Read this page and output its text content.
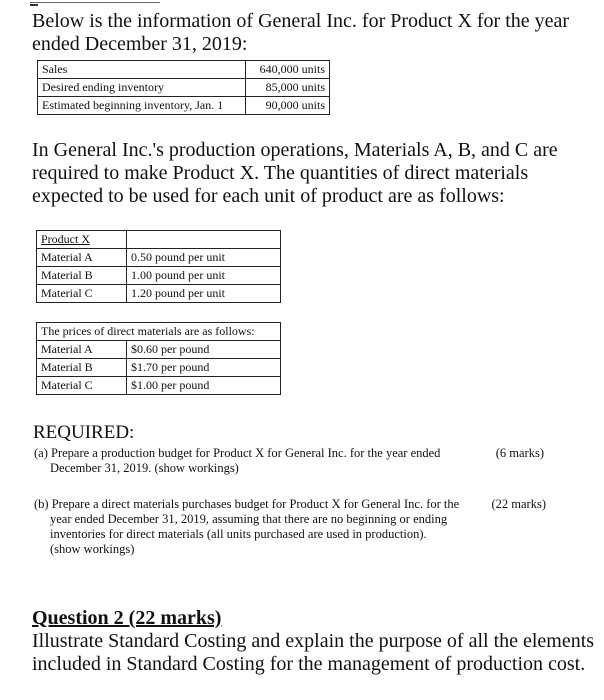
Below is the information of General Inc. for Product X for the year ended December 31, 2019:

Sales	640,000 units
Desired ending inventory	85,000 units
Estimated beginning inventory, Jan. 1	90,000 units

In General Inc.'s production operations, Materials A, B, and C are required to make Product X. The quantities of direct materials expected to be used for each unit of product are as follows:

Product X	
Material A	0.50 pound per unit
Material B	1.00 pound per unit
Material C	1.20 pound per unit
The prices of direct materials are as follows:	
Material A	$0.60 per pound
Material B	$1.70 per pound
Material C	$1.00 per pound

REQUIRED:

(a) Prepare a production budget for Product X for General Inc. for the year ended	(6 marks)
December 31, 2019. (show workings)
(b) Prepare a direct materials purchases budget for Product X for General Inc. for the	(22 marks)
year ended December 31, 2019, assuming that there are no beginning or ending
inventories for direct materials (all units purchased are used in production).
(show workings)

Question 2 (22 marks)

Illustrate Standard Costing and explain the purpose of all the elements included in Standard Costing for the management of production cost.
